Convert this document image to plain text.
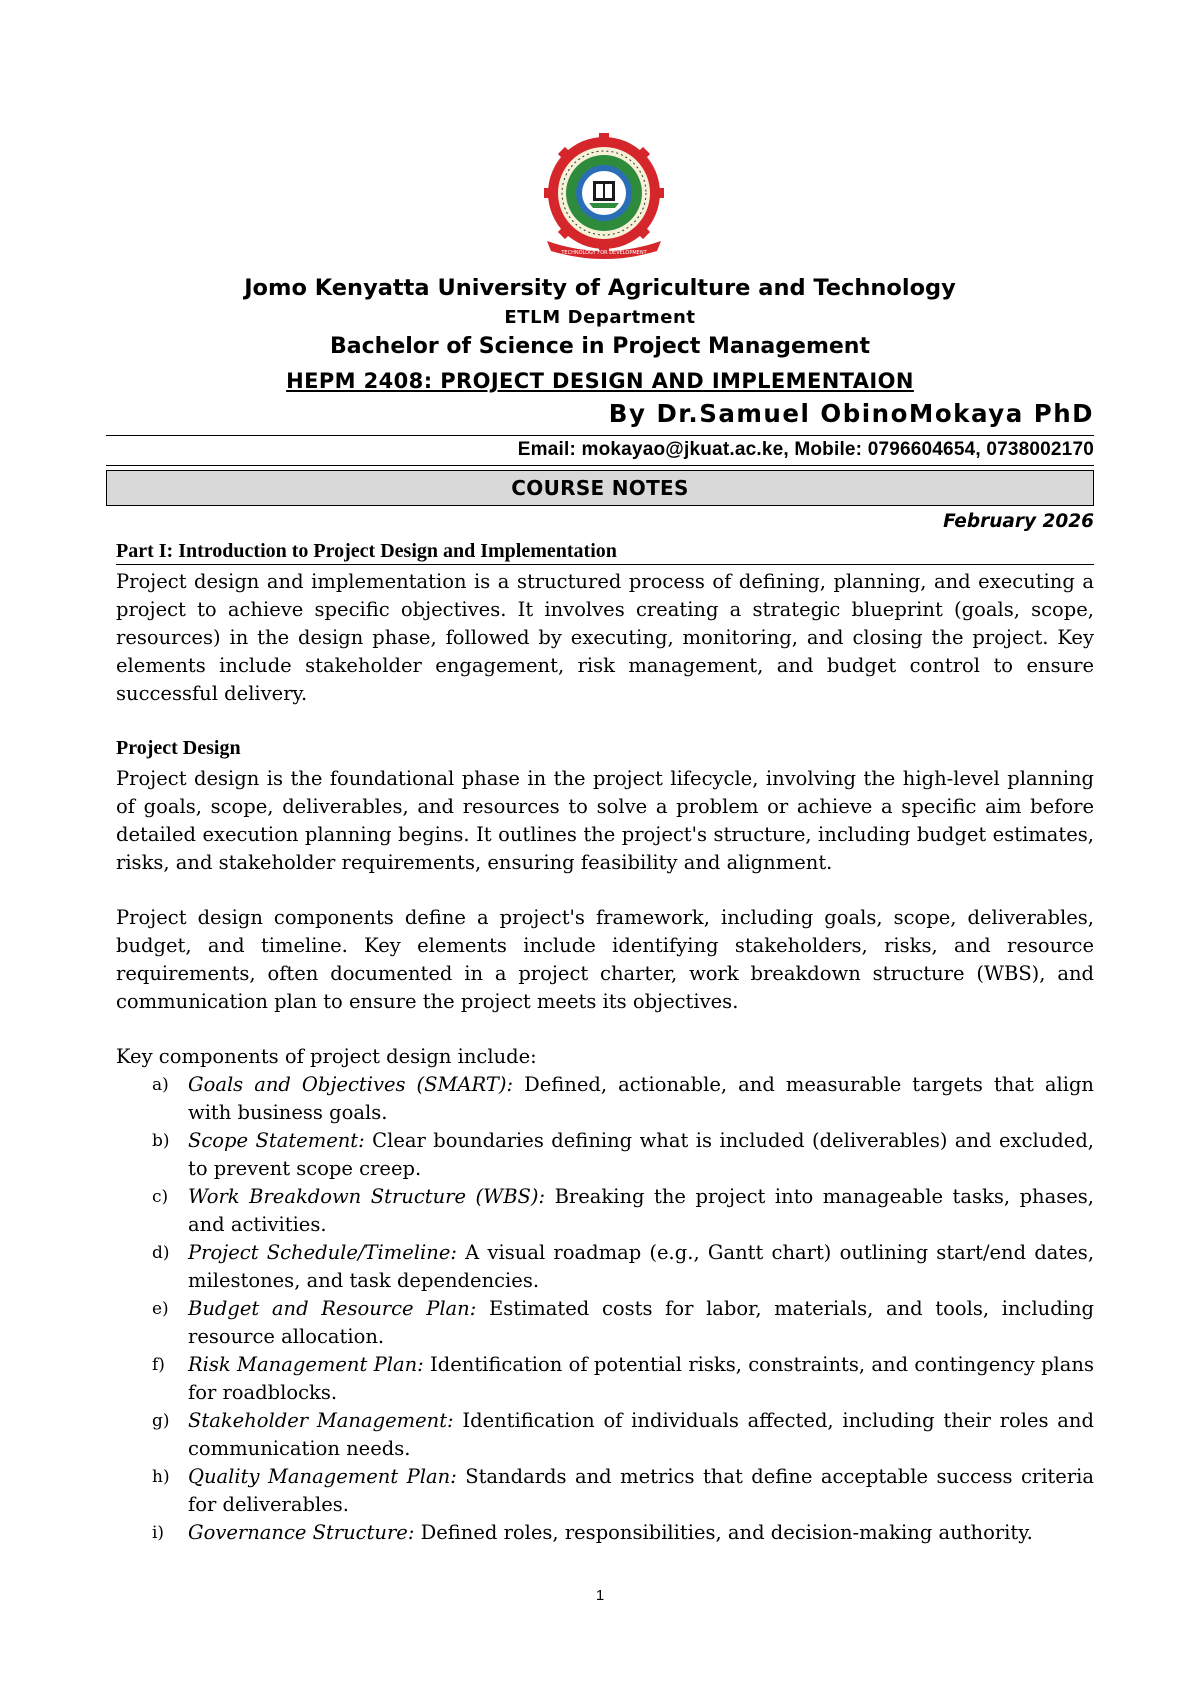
TECHNOLOGY FOR DEVELOPMENT
Jomo Kenyatta University of Agriculture and Technology
ETLM Department
Bachelor of Science in Project Management
HEPM 2408: PROJECT DESIGN AND IMPLEMENTAION
By Dr.Samuel ObinoMokaya PhD
Email: mokayao@jkuat.ac.ke, Mobile: 0796604654, 0738002170
COURSE NOTES
February 2026
Part I: Introduction to Project Design and Implementation
Project design and implementation is a structured process of defining, planning, and executing a project to achieve specific objectives. It involves creating a strategic blueprint (goals, scope, resources) in the design phase, followed by executing, monitoring, and closing the project. Key elements include stakeholder engagement, risk management, and budget control to ensure successful delivery.
Project Design
Project design is the foundational phase in the project lifecycle, involving the high-level planning of goals, scope, deliverables, and resources to solve a problem or achieve a specific aim before detailed execution planning begins. It outlines the project's structure, including budget estimates, risks, and stakeholder requirements, ensuring feasibility and alignment.
Project design components define a project's framework, including goals, scope, deliverables, budget, and timeline. Key elements include identifying stakeholders, risks, and resource requirements, often documented in a project charter, work breakdown structure (WBS), and communication plan to ensure the project meets its objectives.
Key components of project design include:
a) Goals and Objectives (SMART): Defined, actionable, and measurable targets that align with business goals.
b) Scope Statement: Clear boundaries defining what is included (deliverables) and excluded, to prevent scope creep.
c) Work Breakdown Structure (WBS): Breaking the project into manageable tasks, phases, and activities.
d) Project Schedule/Timeline: A visual roadmap (e.g., Gantt chart) outlining start/end dates, milestones, and task dependencies.
e) Budget and Resource Plan: Estimated costs for labor, materials, and tools, including resource allocation.
f) Risk Management Plan: Identification of potential risks, constraints, and contingency plans for roadblocks.
g) Stakeholder Management: Identification of individuals affected, including their roles and communication needs.
h) Quality Management Plan: Standards and metrics that define acceptable success criteria for deliverables.
i) Governance Structure: Defined roles, responsibilities, and decision-making authority.
1
